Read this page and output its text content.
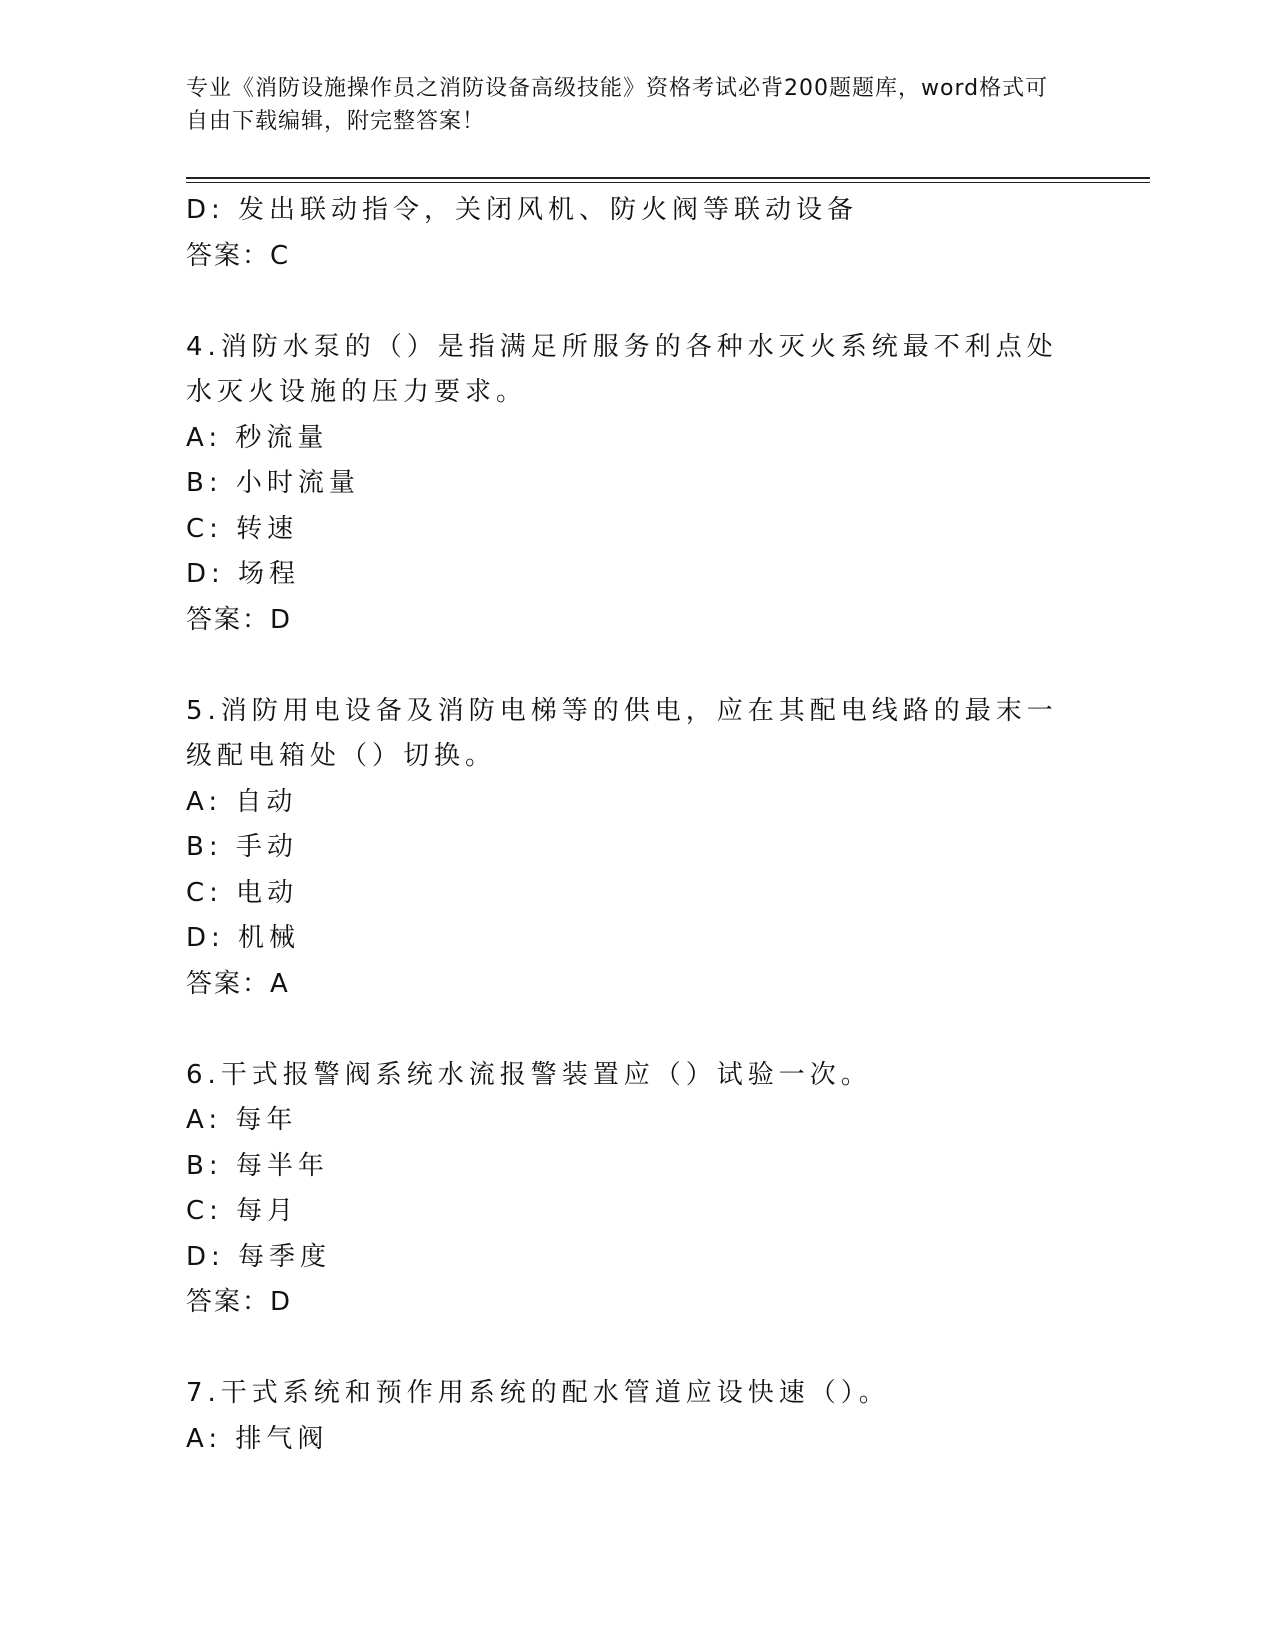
专业《消防设施操作员之消防设备高级技能》资格考试必背200题题库，word格式可自由下载编辑，附完整答案！
D: 发出联动指令，关闭风机、防火阀等联动设备
答案：C
4.消防水泵的（）是指满足所服务的各种水灭火系统最不利点处水灭火设施的压力要求。
A: 秒流量
B: 小时流量
C: 转速
D: 场程
答案：D
5.消防用电设备及消防电梯等的供电，应在其配电线路的最末一级配电箱处（）切换。
A: 自动
B: 手动
C: 电动
D: 机械
答案：A
6.干式报警阀系统水流报警装置应（）试验一次。
A: 每年
B: 每半年
C: 每月
D: 每季度
答案：D
7.干式系统和预作用系统的配水管道应设快速（）。
A: 排气阀
